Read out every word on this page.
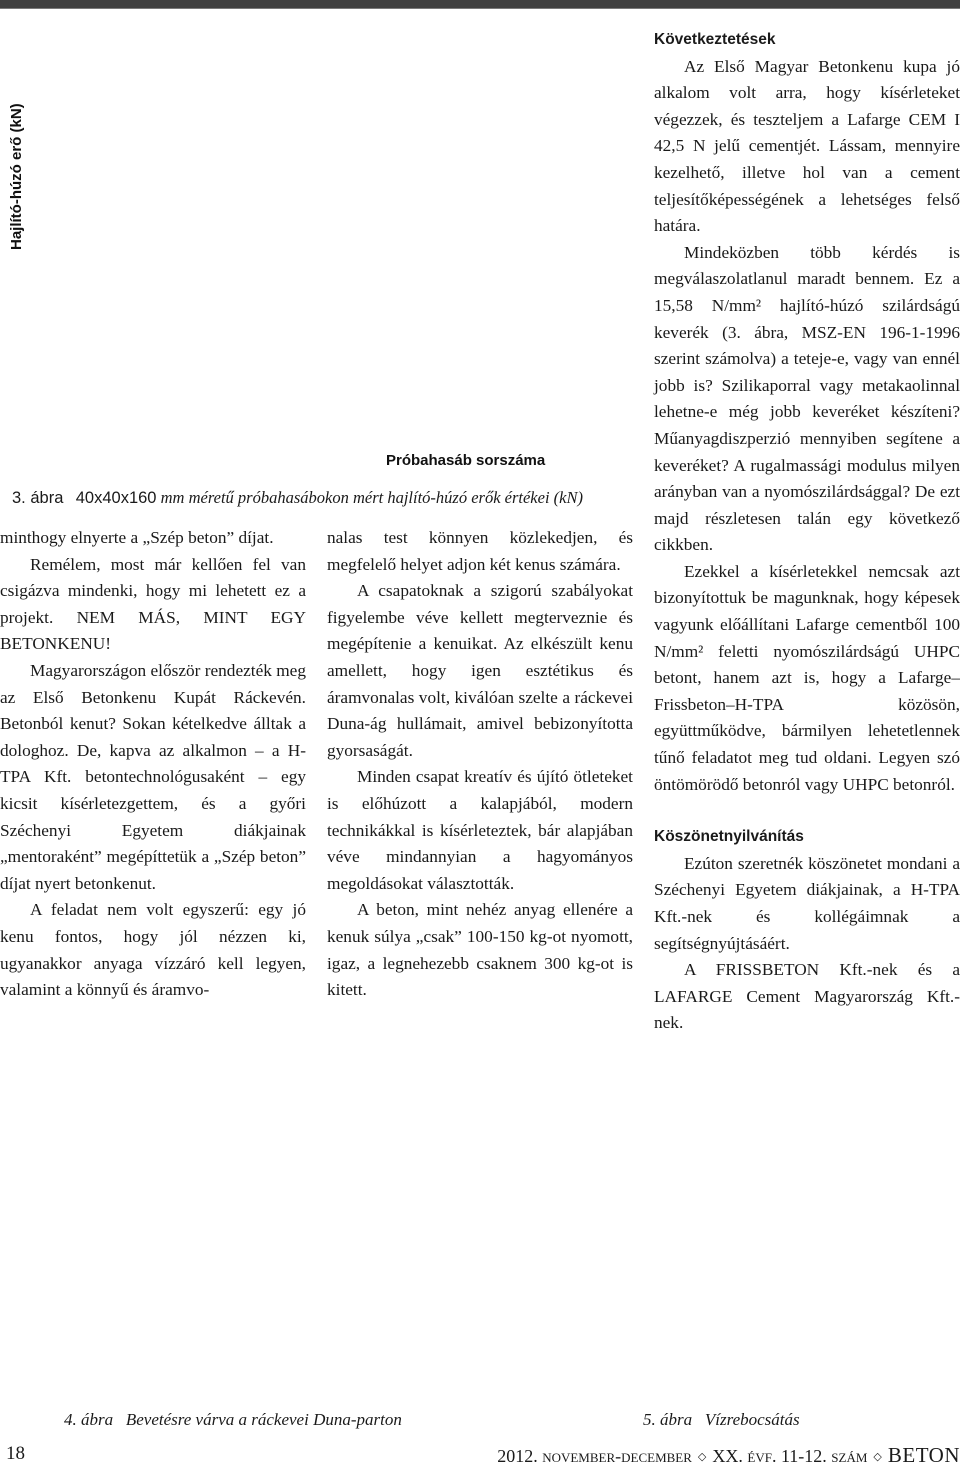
Hajlító-húzó erő (kN)
Próbahasáb sorszáma
3. ábra 40x40x160 mm méretű próbahasábokon mért hajlító-húzó erők értékei (kN)

minthogy elnyerte a „Szép beton” díjat.

Remélem, most már kellően fel van csigázva mindenki, hogy mi lehetett ez a projekt. NEM MÁS, MINT EGY BETONKENU!

Magyarországon először rendezték meg az Első Betonkenu Kupát Ráckevén. Betonból kenut? Sokan kételkedve álltak a dologhoz. De, kapva az alkalmon – a H-TPA Kft. betontechnológusaként – egy kicsit kísérletezgettem, és a győri Széchenyi Egyetem diákjainak „mentoraként” megépíttetük a „Szép beton” díjat nyert betonkenut.

A feladat nem volt egyszerű: egy jó kenu fontos, hogy jól nézzen ki, ugyanakkor anyaga vízzáró kell legyen, valamint a könnyű és áramvo-

nalas test könnyen közlekedjen, és megfelelő helyet adjon két kenus számára.

A csapatoknak a szigorú szabályokat figyelembe véve kellett megtervezniе és megépítenie a kenuikat. Az elkészült kenu amellett, hogy igen esztétikus és áramvonalas volt, kiválóan szelte a ráckevei Duna-ág hullámait, amivel bebizonyította gyorsaságát.

Minden csapat kreatív és újító ötleteket is előhúzott a kalapjából, modern technikákkal is kísérleteztek, bár alapjában véve mindannyian a hagyományos megoldásokat választották.

A beton, mint nehéz anyag ellenére a kenuk súlya „csak” 100-150 kg-ot nyomott, igaz, a legnehezebb csaknem 300 kg-ot is kitett.

Következtetések

Az Első Magyar Betonkenu kupa jó alkalom volt arra, hogy kísérleteket végezzek, és teszteljem a Lafarge CEM I 42,5 N jelű cementjét. Lássam, mennyire kezelhető, illetve hol van a cement teljesítőképességének a lehetséges felső határa.

Mindeközben több kérdés is megválaszolatlanul maradt bennem. Ez a 15,58 N/mm² hajlító-húzó szilárdságú keverék (3. ábra, MSZ-EN 196-1-1996 szerint számolva) a teteje-e, vagy van ennél jobb is? Szilikaporral vagy metakaolinnal lehetne-e még jobb keveréket készíteni? Műanyagdiszperzió mennyiben segítene a keveréket? A rugalmassági modulus milyen arányban van a nyomószilárdsággal? De ezt majd részletesen talán egy következő cikkben.

Ezekkel a kísérletekkel nemcsak azt bizonyítottuk be magunknak, hogy képesek vagyunk előállítani Lafarge cementből 100 N/mm² feletti nyomószilárdságú UHPC betont, hanem azt is, hogy a Lafarge–Frissbeton–H-TPA közösön, együttműködve, bármilyen lehetetlennek tűnő feladatot meg tud oldani. Legyen szó öntömörödő betonról vagy UHPC betonról.

Köszönetnyilvánítás

Ezúton szeretnék köszönetet mondani a Széchenyi Egyetem diákjainak, a H-TPA Kft.-nek és kollégáimnak a segítségnyújtásáért.

A FRISSBETON Kft.-nek és a LAFARGE Cement Magyarország Kft.-nek.

4. ábra   Bevetésre várva a ráckevei Duna-parton	5. ábra   Vízrebocsátás
18	2012. november-december ◇ XX. évf. 11-12. szám ◇ BETON
